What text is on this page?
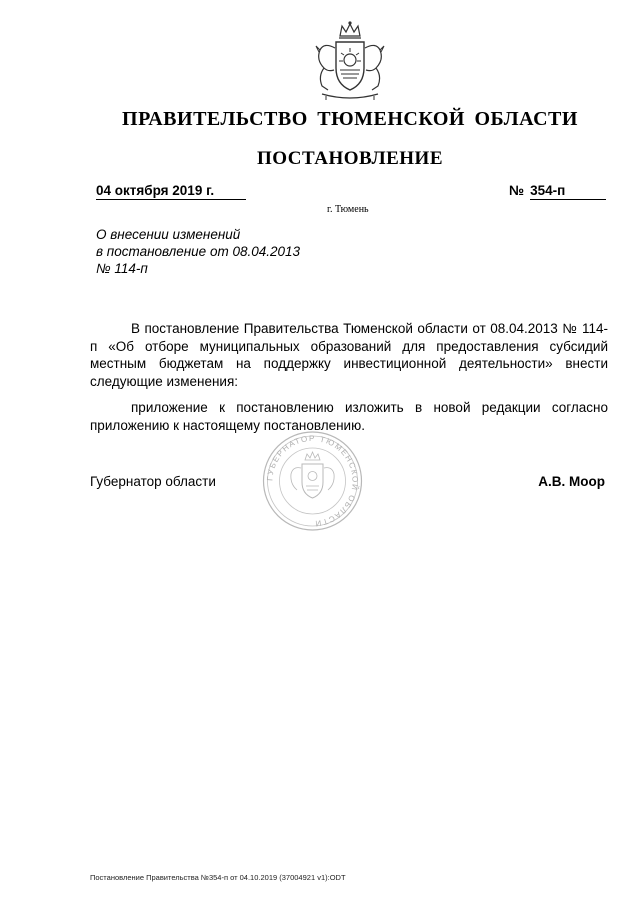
ПРАВИТЕЛЬСТВО ТЮМЕНСКОЙ ОБЛАСТИ
ПОСТАНОВЛЕНИЕ
04 октября 2019 г.	№ 354-п
г. Тюмень
О внесении изменений
в постановление от 08.04.2013
№ 114-п

В постановление Правительства Тюменской области от 08.04.2013 № 114-п «Об отборе муниципальных образований для предоставления субсидий местным бюджетам на поддержку инвестиционной деятельности» внести следующие изменения:

приложение к постановлению изложить в новой редакции согласно приложению к настоящему постановлению.

ГУБЕРНАТОР ТЮМЕНСКОЙ ОБЛАСТИ
Губернатор области	А.В. Моор
Постановление Правительства №354-п от 04.10.2019 (37004921 v1):ODT
